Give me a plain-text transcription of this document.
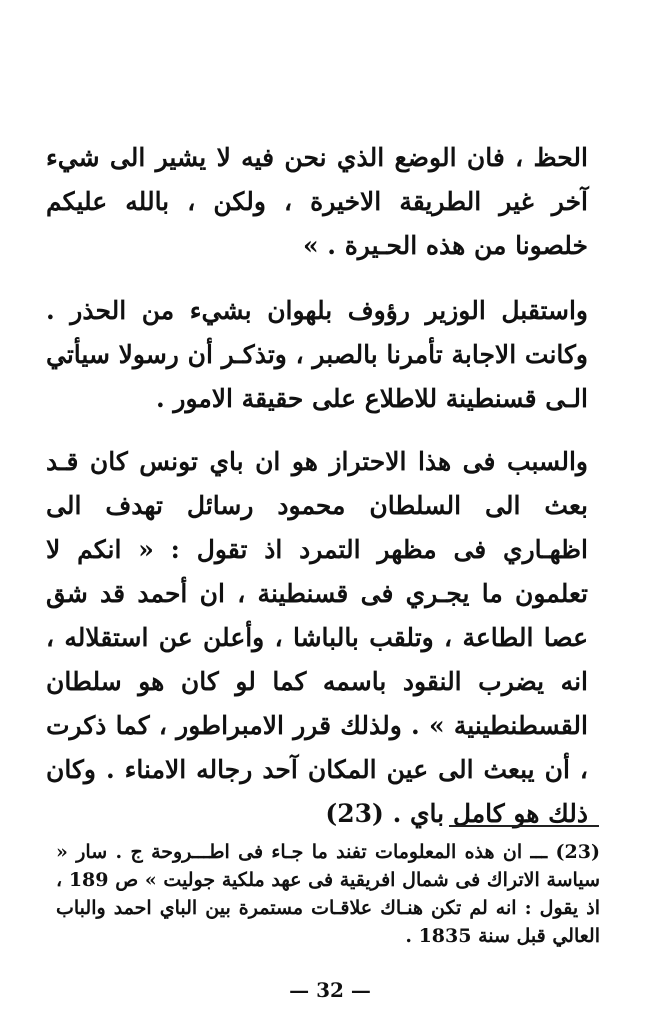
الحظ ، فان الوضع الذي نحن فيه لا يشير الى شيء آخر غير الطريقة الاخيرة ، ولكن ، بالله عليكم خلصونا من هذه الحـيرة . »

واستقبل الوزير رؤوف بلهوان بشيء من الحذر . وكانت الاجابة تأمرنا بالصبر ، وتذكـر أن رسولا سيأتي الـى قسنطينة للاطلاع على حقيقة الامور .

والسبب فى هذا الاحتراز هو ان باي تونس كان قـد بعث الى السلطان محمود رسائل تهدف الى اظهـاري فى مظهر التمرد اذ تقول : « انكم لا تعلمون ما يجـري فى قسنطينة ، ان أحمد قد شق عصا الطاعة ، وتلقب بالباشا ، وأعلن عن استقلاله ، انه يضرب النقود باسمه كما لو كان هو سلطان القسطنطينية » . ولذلك قرر الامبراطور ، كما ذكرت ، أن يبعث الى عين المكان آحد رجاله الامناء . وكان ذلك هو كامل باي . (23)

(23) ـــ ان هذه المعلومات تفند ما جـاء فى اطـــروحة ج . سار « سياسة الاتراك فى شمال افريقية فى عهد ملكية جوليت » ص 189 ، اذ يقول : انه لم تكن هنـاك علاقـات مستمرة بين الباي احمد والباب العالي قبل سنة 1835 .

— 32 —
